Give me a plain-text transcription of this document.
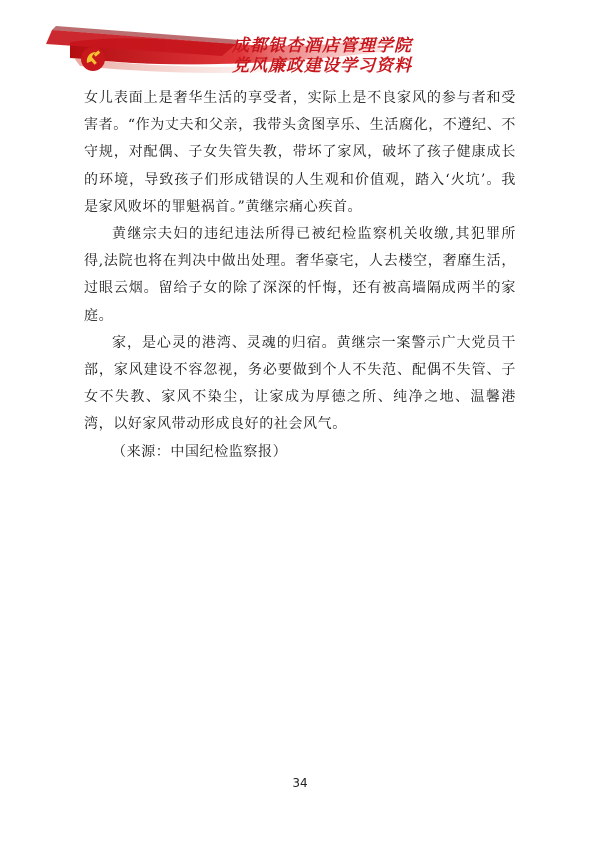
成都银杏酒店管理学院
党风廉政建设学习资料

女儿表面上是奢华生活的享受者，实际上是不良家风的参与者和受害者。“作为丈夫和父亲，我带头贪图享乐、生活腐化，不遵纪、不守规，对配偶、子女失管失教，带坏了家风，破坏了孩子健康成长的环境，导致孩子们形成错误的人生观和价值观，踏入‘火坑’。我是家风败坏的罪魁祸首。”黄继宗痛心疾首。

黄继宗夫妇的违纪违法所得已被纪检监察机关收缴,其犯罪所得,法院也将在判决中做出处理。奢华豪宅，人去楼空，奢靡生活，过眼云烟。留给子女的除了深深的忏悔，还有被高墙隔成两半的家庭。

家，是心灵的港湾、灵魂的归宿。黄继宗一案警示广大党员干部，家风建设不容忽视，务必要做到个人不失范、配偶不失管、子女不失教、家风不染尘，让家成为厚德之所、纯净之地、温馨港湾，以好家风带动形成良好的社会风气。

（来源：中国纪检监察报）

34
